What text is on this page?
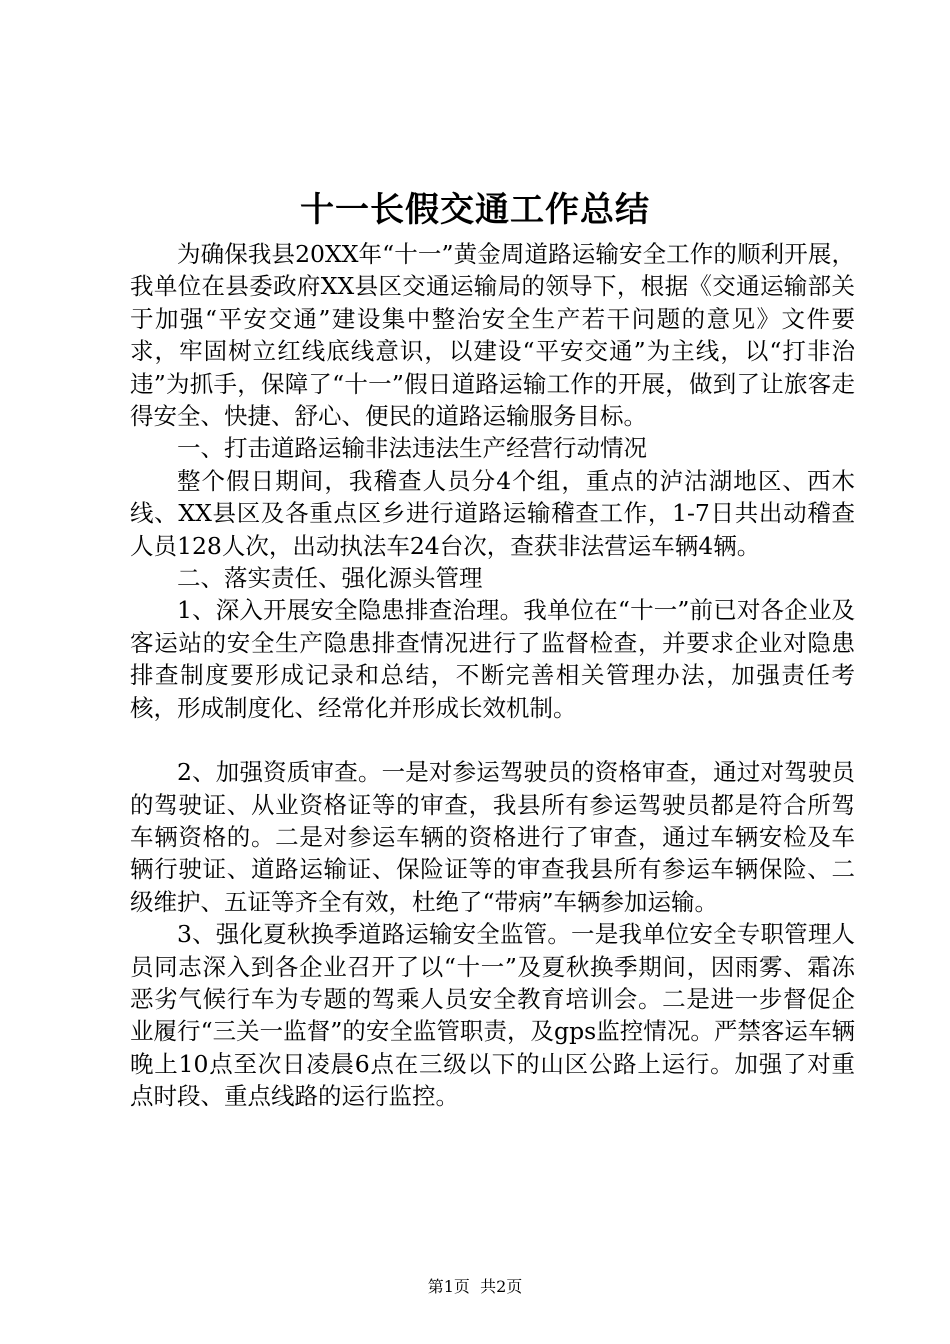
十一长假交通工作总结

为确保我县20XX年“十一”黄金周道路运输安全工作的顺利开展，我单位在县委政府XX县区交通运输局的领导下，根据《交通运输部关于加强“平安交通”建设集中整治安全生产若干问题的意见》文件要求，牢固树立红线底线意识，以建设“平安交通”为主线，以“打非治违”为抓手，保障了“十一”假日道路运输工作的开展，做到了让旅客走得安全、快捷、舒心、便民的道路运输服务目标。

一、打击道路运输非法违法生产经营行动情况

整个假日期间，我稽查人员分4个组，重点的泸沽湖地区、西木线、XX县区及各重点区乡进行道路运输稽查工作，1-7日共出动稽查人员128人次，出动执法车24台次，查获非法营运车辆4辆。

二、落实责任、强化源头管理

1、深入开展安全隐患排查治理。我单位在“十一”前已对各企业及客运站的安全生产隐患排查情况进行了监督检查，并要求企业对隐患排查制度要形成记录和总结，不断完善相关管理办法，加强责任考核，形成制度化、经常化并形成长效机制。

2、加强资质审查。一是对参运驾驶员的资格审查，通过对驾驶员的驾驶证、从业资格证等的审查，我县所有参运驾驶员都是符合所驾车辆资格的。二是对参运车辆的资格进行了审查，通过车辆安检及车辆行驶证、道路运输证、保险证等的审查我县所有参运车辆保险、二级维护、五证等齐全有效，杜绝了“带病”车辆参加运输。

3、强化夏秋换季道路运输安全监管。一是我单位安全专职管理人员同志深入到各企业召开了以“十一”及夏秋换季期间，因雨雾、霜冻恶劣气候行车为专题的驾乘人员安全教育培训会。二是进一步督促企业履行“三关一监督”的安全监管职责，及gps监控情况。严禁客运车辆晚上10点至次日凌晨6点在三级以下的山区公路上运行。加强了对重点时段、重点线路的运行监控。

第1页 共2页
